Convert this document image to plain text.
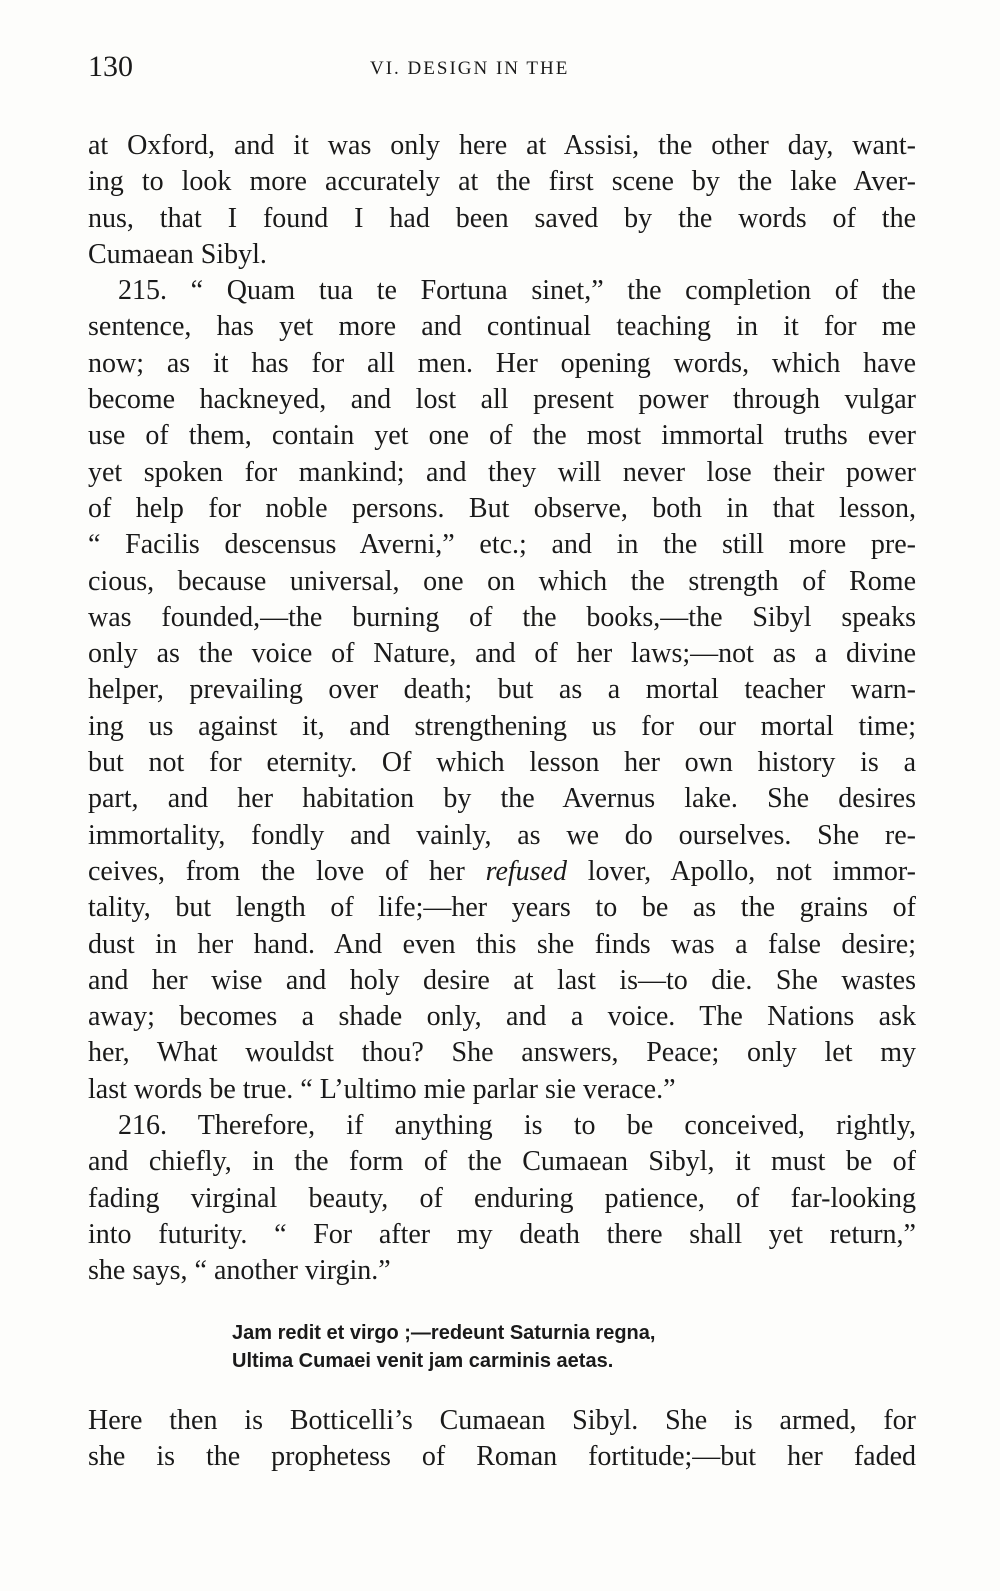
130	VI. DESIGN IN THE
at Oxford, and it was only here at Assisi, the other day, want-
ing to look more accurately at the first scene by the lake Aver-
nus, that I found I had been saved by the words of the
Cumaean Sibyl.
215. “ Quam tua te Fortuna sinet,” the completion of the
sentence, has yet more and continual teaching in it for me
now; as it has for all men. Her opening words, which have
become hackneyed, and lost all present power through vulgar
use of them, contain yet one of the most immortal truths ever
yet spoken for mankind; and they will never lose their power
of help for noble persons. But observe, both in that lesson,
“ Facilis descensus Averni,” etc.; and in the still more pre-
cious, because universal, one on which the strength of Rome
was founded,—the burning of the books,—the Sibyl speaks
only as the voice of Nature, and of her laws;—not as a divine
helper, prevailing over death; but as a mortal teacher warn-
ing us against it, and strengthening us for our mortal time;
but not for eternity. Of which lesson her own history is a
part, and her habitation by the Avernus lake. She desires
immortality, fondly and vainly, as we do ourselves. She re-
ceives, from the love of her refused lover, Apollo, not immor-
tality, but length of life;—her years to be as the grains of
dust in her hand. And even this she finds was a false desire;
and her wise and holy desire at last is—to die. She wastes
away; becomes a shade only, and a voice. The Nations ask
her, What wouldst thou? She answers, Peace; only let my
last words be true. “ L’ultimo mie parlar sie verace.”
216. Therefore, if anything is to be conceived, rightly,
and chiefly, in the form of the Cumaean Sibyl, it must be of
fading virginal beauty, of enduring patience, of far-looking
into futurity. “ For after my death there shall yet return,”
she says, “ another virgin.”
Jam redit et virgo ;—redeunt Saturnia regna,
Ultima Cumaei venit jam carminis aetas.
Here then is Botticelli’s Cumaean Sibyl. She is armed, for
she is the prophetess of Roman fortitude;—but her faded
